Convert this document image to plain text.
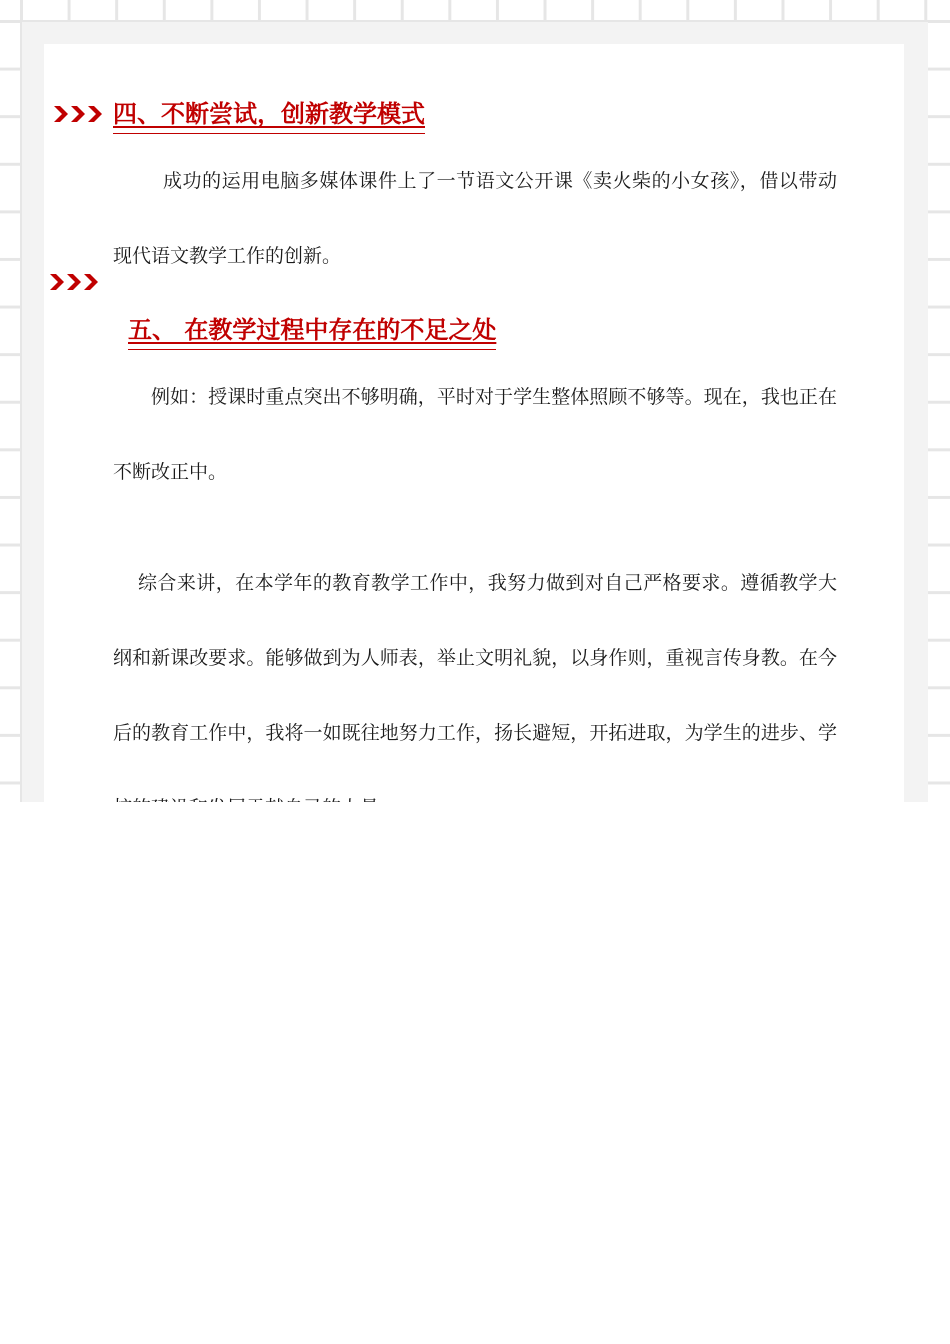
四、不断尝试，创新教学模式

成功的运用电脑多媒体课件上了一节语文公开课《卖火柴的小女孩》，借以带动现代语文教学工作的创新。

五、 在教学过程中存在的不足之处

例如：授课时重点突出不够明确，平时对于学生整体照顾不够等。现在，我也正在不断改正中。

综合来讲，在本学年的教育教学工作中，我努力做到对自己严格要求。遵循教学大纲和新课改要求。能够做到为人师表，举止文明礼貌，以身作则，重视言传身教。在今后的教育工作中，我将一如既往地努力工作，扬长避短，开拓进取，为学生的进步、学
